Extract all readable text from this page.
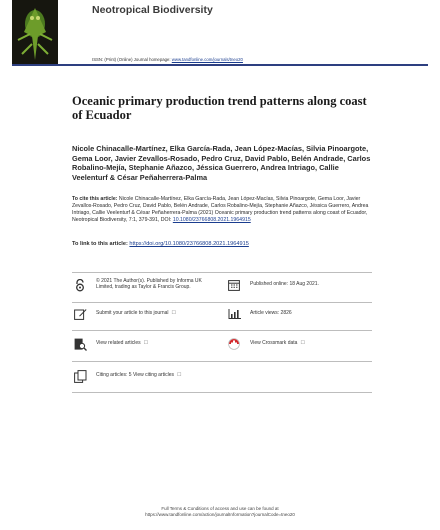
Neotropical Biodiversity
ISSN: (Print) (Online) Journal homepage: www.tandfonline.com/journals/tneo20
Oceanic primary production trend patterns along coast of Ecuador
Nicole Chinacalle-Martínez, Elka García-Rada, Jean López-Macías, Silvia Pinoargote, Gema Loor, Javier Zevallos-Rosado, Pedro Cruz, David Pablo, Belén Andrade, Carlos Robalino-Mejía, Stephanie Añazco, Jéssica Guerrero, Andrea Intriago, Callie Veelenturf & César Peñaherrera-Palma
To cite this article: Nicole Chinacalle-Martínez, Elka García-Rada, Jean López-Macías, Silvia Pinoargote, Gema Loor, Javier Zevallos-Rosado, Pedro Cruz, David Pablo, Belén Andrade, Carlos Robalino-Mejía, Stephanie Añazco, Jéssica Guerrero, Andrea Intriago, Callie Veelenturf & César Peñaherrera-Palma (2021) Oceanic primary production trend patterns along coast of Ecuador, Neotropical Biodiversity, 7:1, 379-391, DOI: 10.1080/23766808.2021.1964915
To link to this article: https://doi.org/10.1080/23766808.2021.1964915
© 2021 The Author(s). Published by Informa UK Limited, trading as Taylor & Francis Group.
Published online: 18 Aug 2021.
Submit your article to this journal ☐	Article views: 2826
View related articles ☐	View Crossmark data ☐
Citing articles: 5 View citing articles ☐
Full Terms & Conditions of access and use can be found at
https://www.tandfonline.com/action/journalInformation?journalCode=tneo20
